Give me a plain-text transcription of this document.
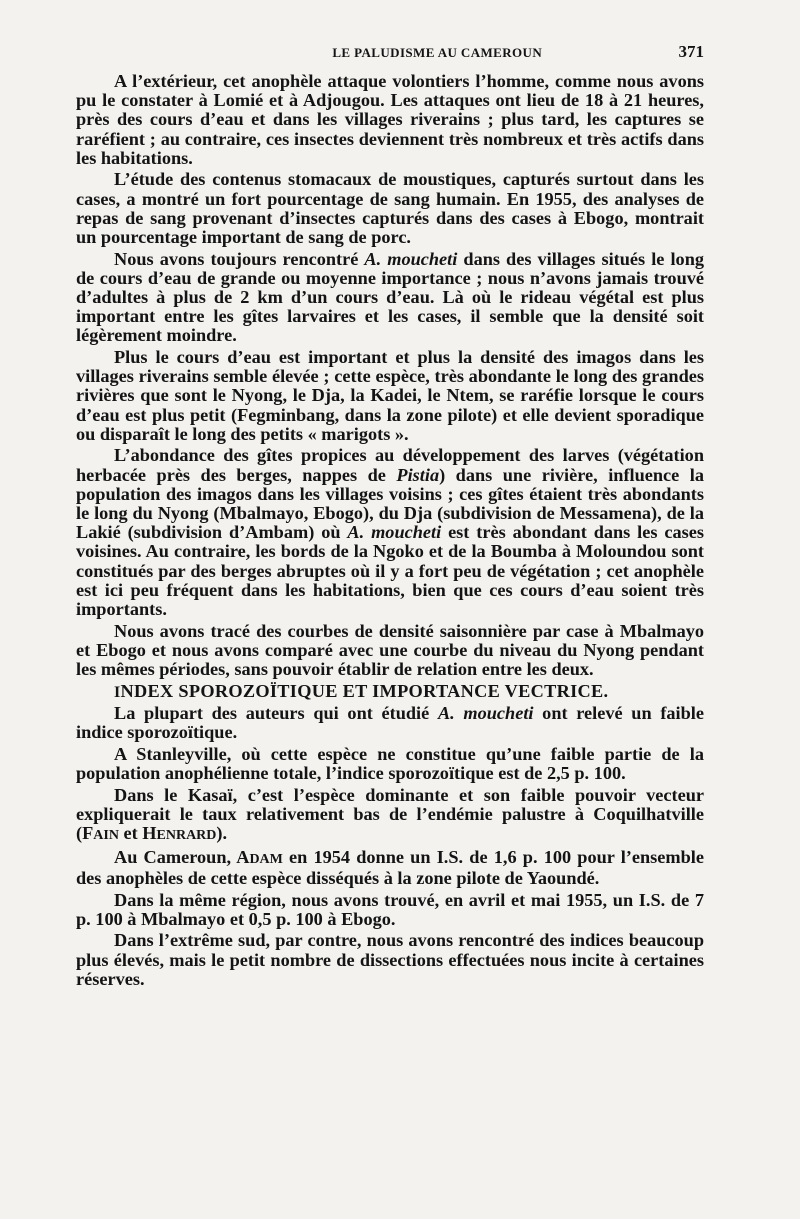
LE PALUDISME AU CAMEROUN	371

A l’extérieur, cet anophèle attaque volontiers l’homme, comme nous avons pu le constater à Lomié et à Adjougou. Les attaques ont lieu de 18 à 21 heures, près des cours d’eau et dans les villages riverains ; plus tard, les captures se raréfient ; au contraire, ces insectes deviennent très nombreux et très actifs dans les habitations.

L’étude des contenus stomacaux de moustiques, capturés surtout dans les cases, a montré un fort pourcentage de sang humain. En 1955, des analyses de repas de sang provenant d’insectes capturés dans des cases à Ebogo, montrait un pourcentage important de sang de porc.

Nous avons toujours rencontré A. moucheti dans des villages situés le long de cours d’eau de grande ou moyenne importance ; nous n’avons jamais trouvé d’adultes à plus de 2 km d’un cours d’eau. Là où le rideau végétal est plus important entre les gîtes larvaires et les cases, il semble que la densité soit légèrement moindre.

Plus le cours d’eau est important et plus la densité des imagos dans les villages riverains semble élevée ; cette espèce, très abondante le long des grandes rivières que sont le Nyong, le Dja, la Kadei, le Ntem, se raréfie lorsque le cours d’eau est plus petit (Fegminbang, dans la zone pilote) et elle devient sporadique ou disparaît le long des petits « marigots ».

L’abondance des gîtes propices au développement des larves (végétation herbacée près des berges, nappes de Pistia) dans une rivière, influence la population des imagos dans les villages voisins ; ces gîtes étaient très abondants le long du Nyong (Mbalmayo, Ebogo), du Dja (subdivision de Messamena), de la Lakié (subdivision d’Ambam) où A. moucheti est très abondant dans les cases voisines. Au contraire, les bords de la Ngoko et de la Boumba à Moloundou sont constitués par des berges abruptes où il y a fort peu de végétation ; cet anophèle est ici peu fréquent dans les habitations, bien que ces cours d’eau soient très importants.

Nous avons tracé des courbes de densité saisonnière par case à Mbalmayo et Ebogo et nous avons comparé avec une courbe du niveau du Nyong pendant les mêmes périodes, sans pouvoir établir de relation entre les deux.

INDEX SPOROZOÏTIQUE ET IMPORTANCE VECTRICE.

La plupart des auteurs qui ont étudié A. moucheti ont relevé un faible indice sporozoïtique.

A Stanleyville, où cette espèce ne constitue qu’une faible partie de la population anophélienne totale, l’indice sporozoïtique est de 2,5 p. 100.

Dans le Kasaï, c’est l’espèce dominante et son faible pouvoir vecteur expliquerait le taux relativement bas de l’endémie palustre à Coquilhatville (FAIN et HENRARD).

Au Cameroun, ADAM en 1954 donne un I.S. de 1,6 p. 100 pour l’ensemble des anophèles de cette espèce disséqués à la zone pilote de Yaoundé.

Dans la même région, nous avons trouvé, en avril et mai 1955, un I.S. de 7 p. 100 à Mbalmayo et 0,5 p. 100 à Ebogo.

Dans l’extrême sud, par contre, nous avons rencontré des indices beaucoup plus élevés, mais le petit nombre de dissections effectuées nous incite à certaines réserves.
